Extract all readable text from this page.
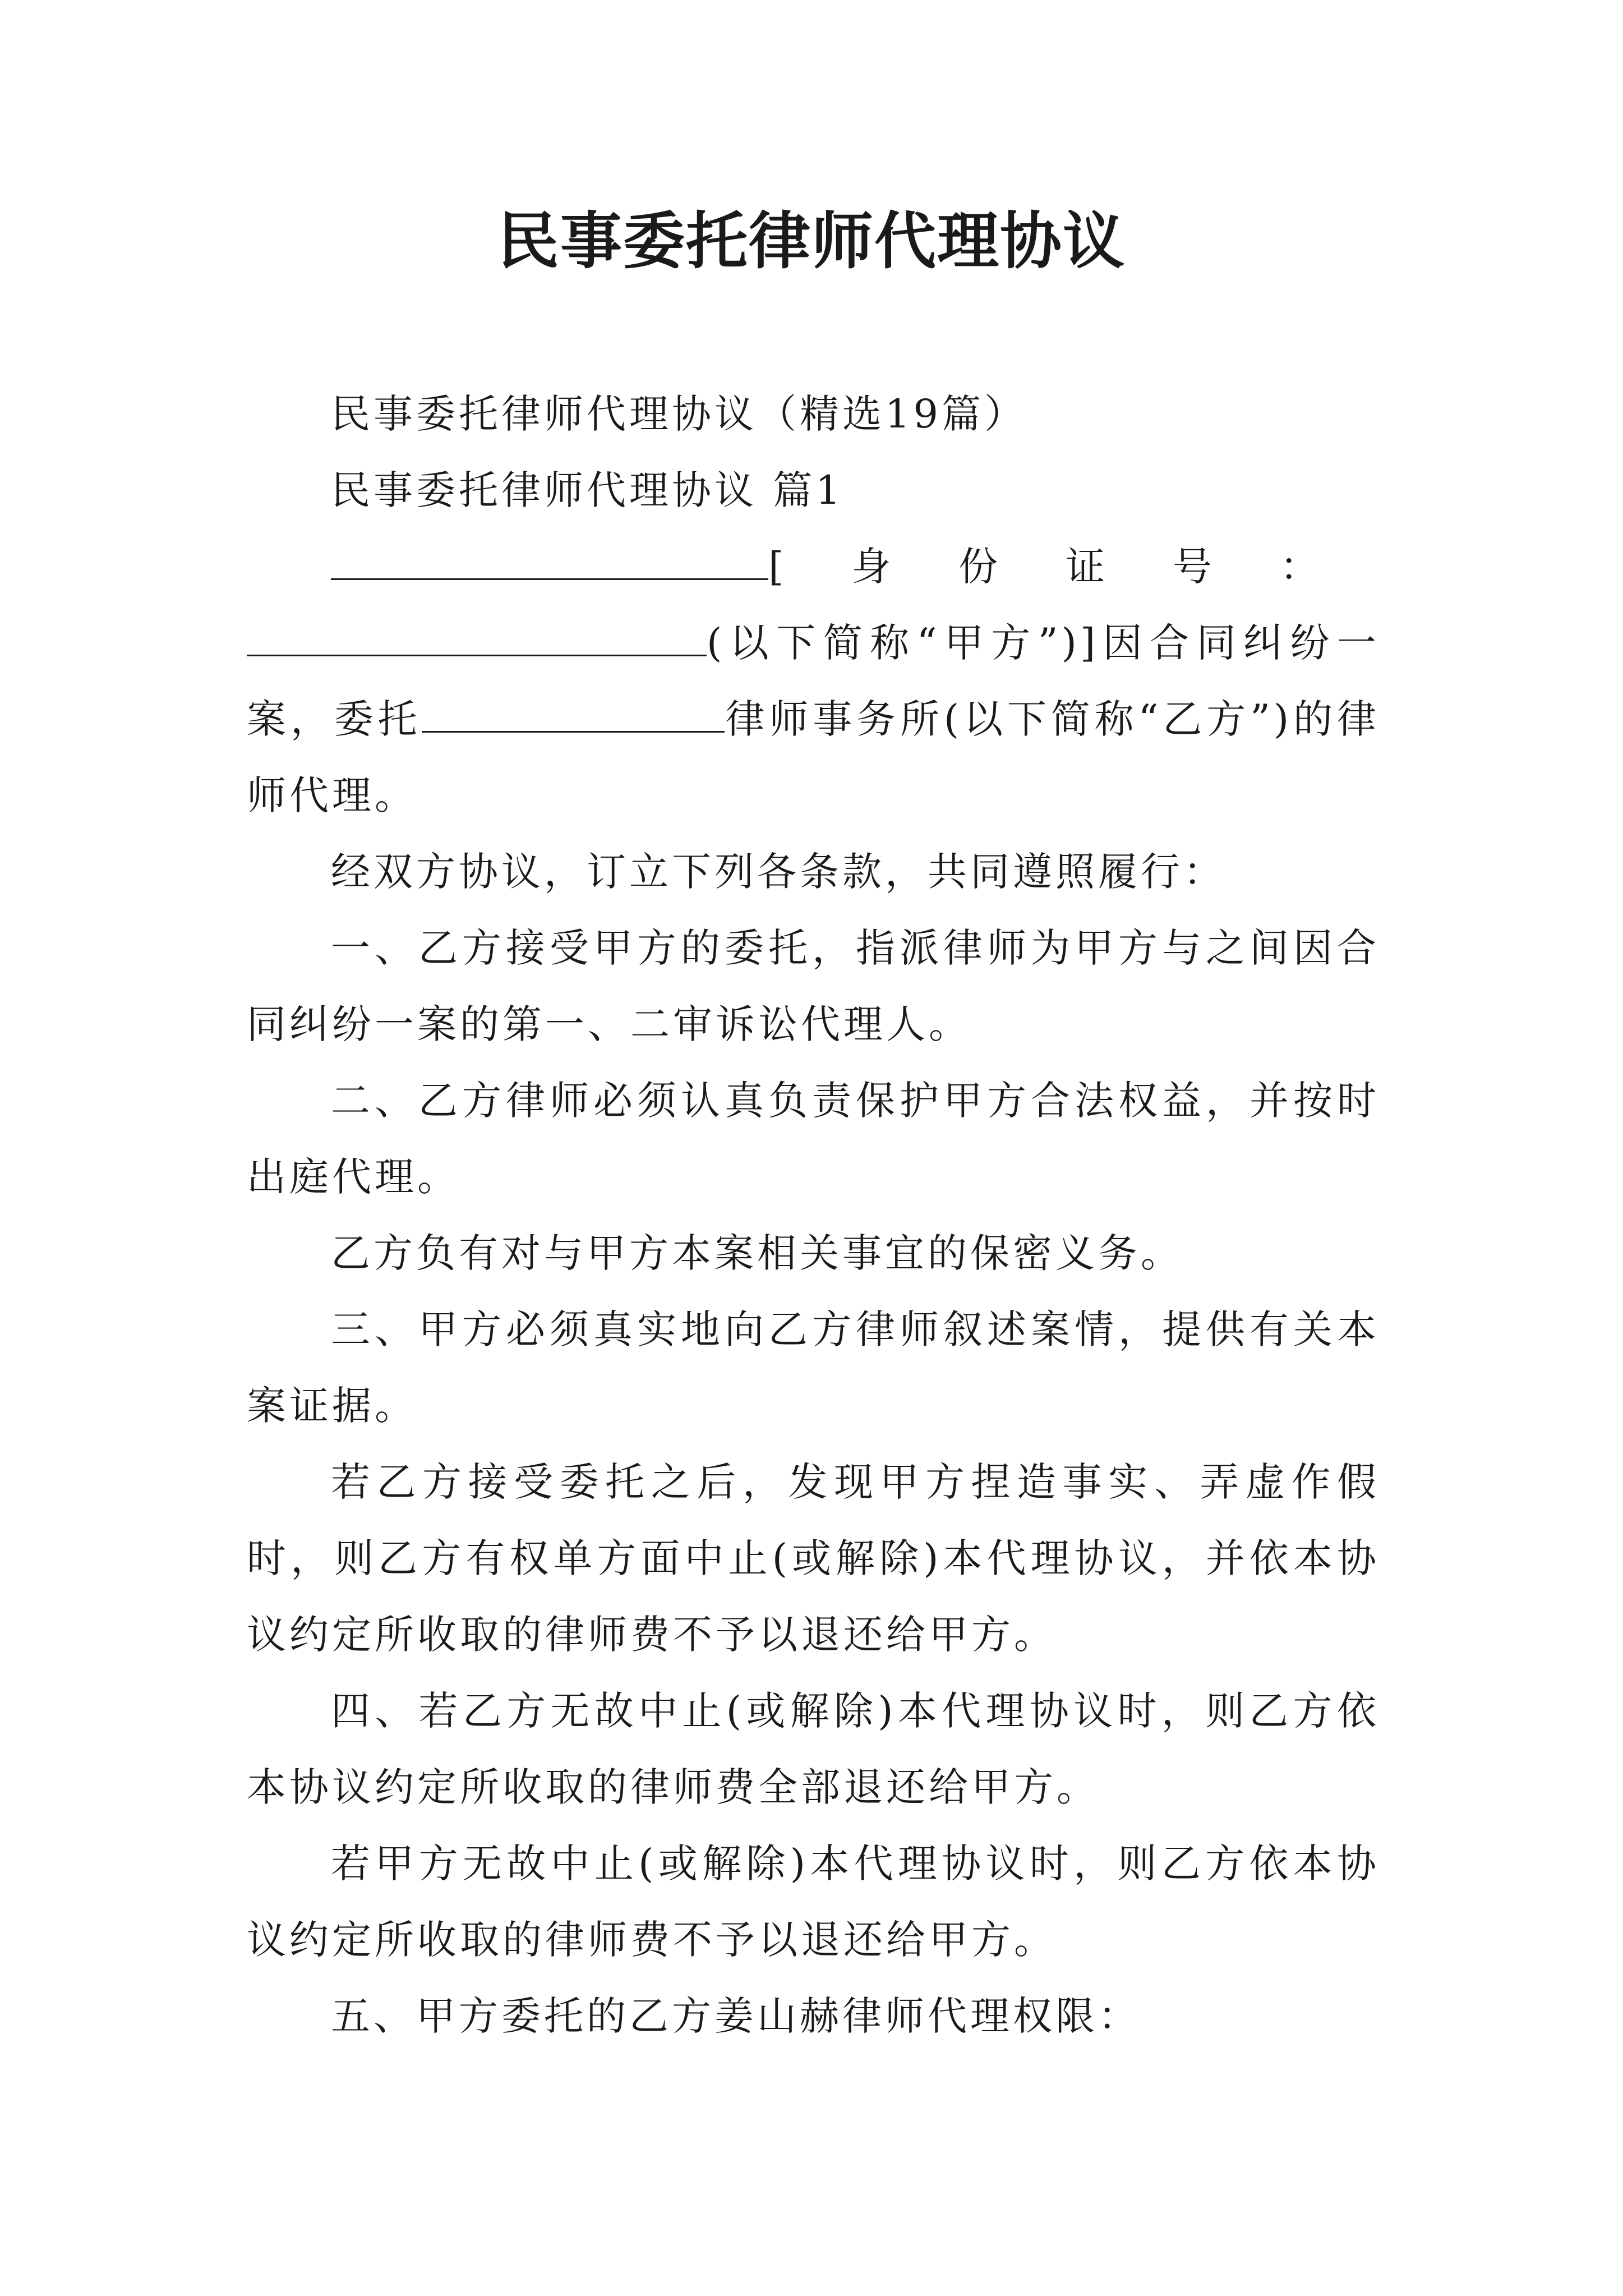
民事委托律师代理协议

民事委托律师代理协议（精选19篇）

民事委托律师代理协议 篇1

[身份证号：(以下简称“甲方”)]因合同纠纷一案，委托	律师事务所(以下简称“乙方”)的律师代理。

经双方协议，订立下列各条款，共同遵照履行：

一、乙方接受甲方的委托，指派律师为甲方与之间因合同纠纷一案的第一、二审诉讼代理人。

二、乙方律师必须认真负责保护甲方合法权益，并按时出庭代理。

乙方负有对与甲方本案相关事宜的保密义务。

三、甲方必须真实地向乙方律师叙述案情，提供有关本案证据。

若乙方接受委托之后，发现甲方捏造事实、弄虚作假时，则乙方有权单方面中止(或解除)本代理协议，并依本协议约定所收取的律师费不予以退还给甲方。

四、若乙方无故中止(或解除)本代理协议时，则乙方依本协议约定所收取的律师费全部退还给甲方。

若甲方无故中止(或解除)本代理协议时，则乙方依本协议约定所收取的律师费不予以退还给甲方。

五、甲方委托的乙方姜山赫律师代理权限：
